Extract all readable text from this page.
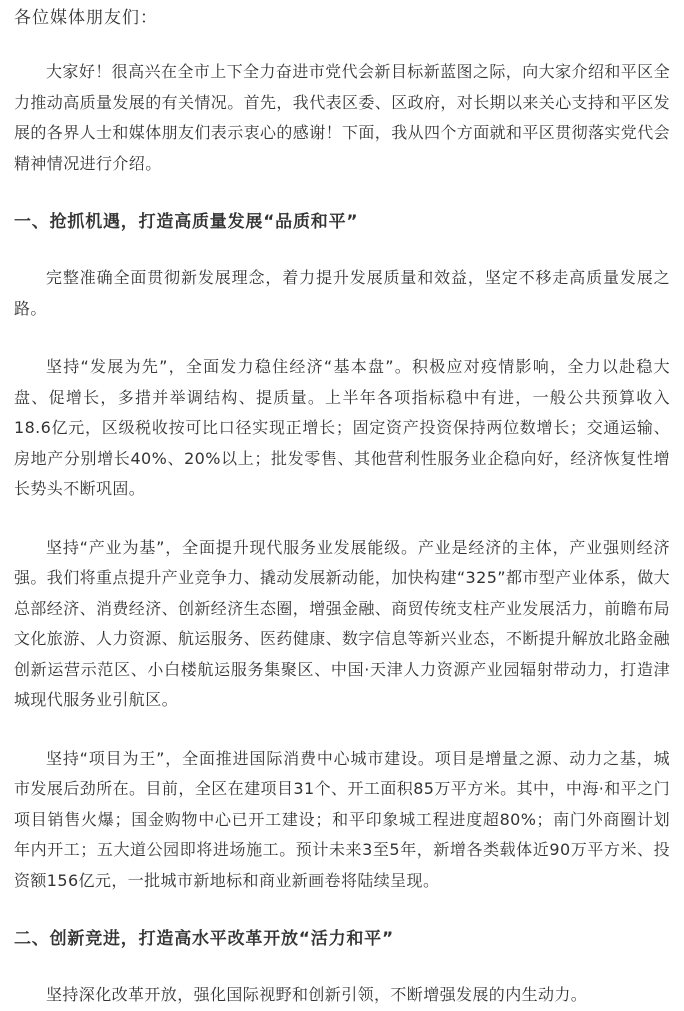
各位媒体朋友们：

大家好！很高兴在全市上下全力奋进市党代会新目标新蓝图之际，向大家介绍和平区全力推动高质量发展的有关情况。首先，我代表区委、区政府，对长期以来关心支持和平区发展的各界人士和媒体朋友们表示衷心的感谢！下面，我从四个方面就和平区贯彻落实党代会精神情况进行介绍。

一、抢抓机遇，打造高质量发展“品质和平”

完整准确全面贯彻新发展理念，着力提升发展质量和效益，坚定不移走高质量发展之路。

坚持“发展为先”，全面发力稳住经济“基本盘”。积极应对疫情影响，全力以赴稳大盘、促增长，多措并举调结构、提质量。上半年各项指标稳中有进，一般公共预算收入18.6亿元，区级税收按可比口径实现正增长；固定资产投资保持两位数增长；交通运输、房地产分别增长40%、20%以上；批发零售、其他营利性服务业企稳向好，经济恢复性增长势头不断巩固。

坚持“产业为基”，全面提升现代服务业发展能级。产业是经济的主体，产业强则经济强。我们将重点提升产业竞争力、撬动发展新动能，加快构建“325”都市型产业体系，做大总部经济、消费经济、创新经济生态圈，增强金融、商贸传统支柱产业发展活力，前瞻布局文化旅游、人力资源、航运服务、医药健康、数字信息等新兴业态，不断提升解放北路金融创新运营示范区、小白楼航运服务集聚区、中国·天津人力资源产业园辐射带动力，打造津城现代服务业引航区。

坚持“项目为王”，全面推进国际消费中心城市建设。项目是增量之源、动力之基，城市发展后劲所在。目前，全区在建项目31个、开工面积85万平方米。其中，中海·和平之门项目销售火爆；国金购物中心已开工建设；和平印象城工程进度超80%；南门外商圈计划年内开工；五大道公园即将进场施工。预计未来3至5年，新增各类载体近90万平方米、投资额156亿元，一批城市新地标和商业新画卷将陆续呈现。

二、创新竞进，打造高水平改革开放“活力和平”

坚持深化改革开放，强化国际视野和创新引领，不断增强发展的内生动力。
